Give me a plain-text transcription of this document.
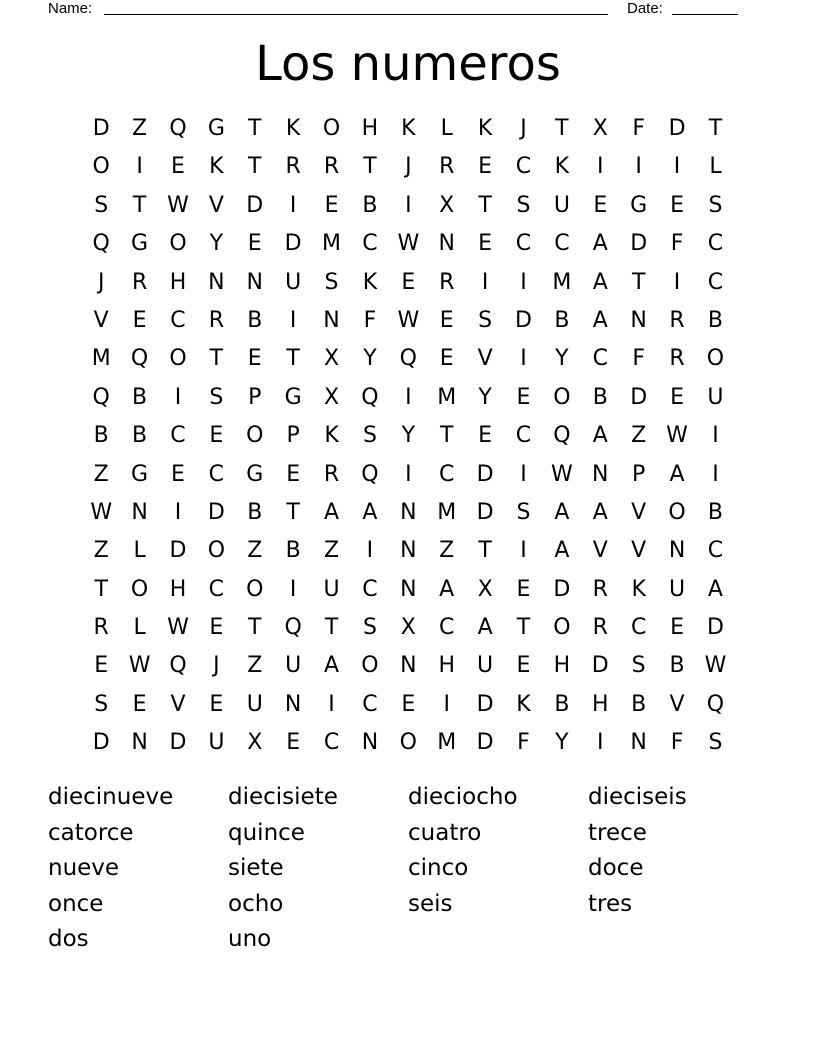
Name:	Date:
Los numeros
D	Z	Q G	T	K	O H	K	L	K	J	T	X	F	D	T
O	I	E	K	T	R	R	T	J	R	E	C	K	I	I	I	L
S	T W V	D	I	E	B	I	X	T	S	U	E	G	E	S
Q G O	Y	E	D M C W N	E	C	C	A	D	F	C
J	R	H N N	U	S	K	E	R	I	I	M A	T	I	C
V	E	C	R	B	I	N	F W E	S	D	B	A	N	R	B
M Q O	T	E	T	X	Y	Q	E	V	I	Y	C	F	R	O
Q	B	I	S	P	G	X	Q	I	M	Y	E	O	B	D	E	U
B	B	C	E	O	P	K	S	Y	T	E	C	Q	A	Z W	I
Z	G	E	C	G	E	R	Q	I	C	D	I	W N	P	A	I
W N	I	D	B	T	A	A	N M D	S	A	A	V	O	B
Z	L	D O	Z	B	Z	I	N	Z	T	I	A	V	V	N	C
T	O H	C	O	I	U	C	N	A	X	E	D	R	K	U	A
R	L W E	T	Q	T	S	X	C	A	T	O	R	C	E	D
E W Q	J	Z	U	A	O N H	U	E	H D	S	B W
S	E	V	E	U	N	I	C	E	I	D	K	B	H	B	V	Q
D N D U	X	E	C	N O M D	F	Y	I	N	F	S
diecinueve	diecisiete	dieciocho	dieciseis
catorce	quince	cuatro	trece
nueve	siete	cinco	doce
once	ocho	seis	tres
dos	uno
